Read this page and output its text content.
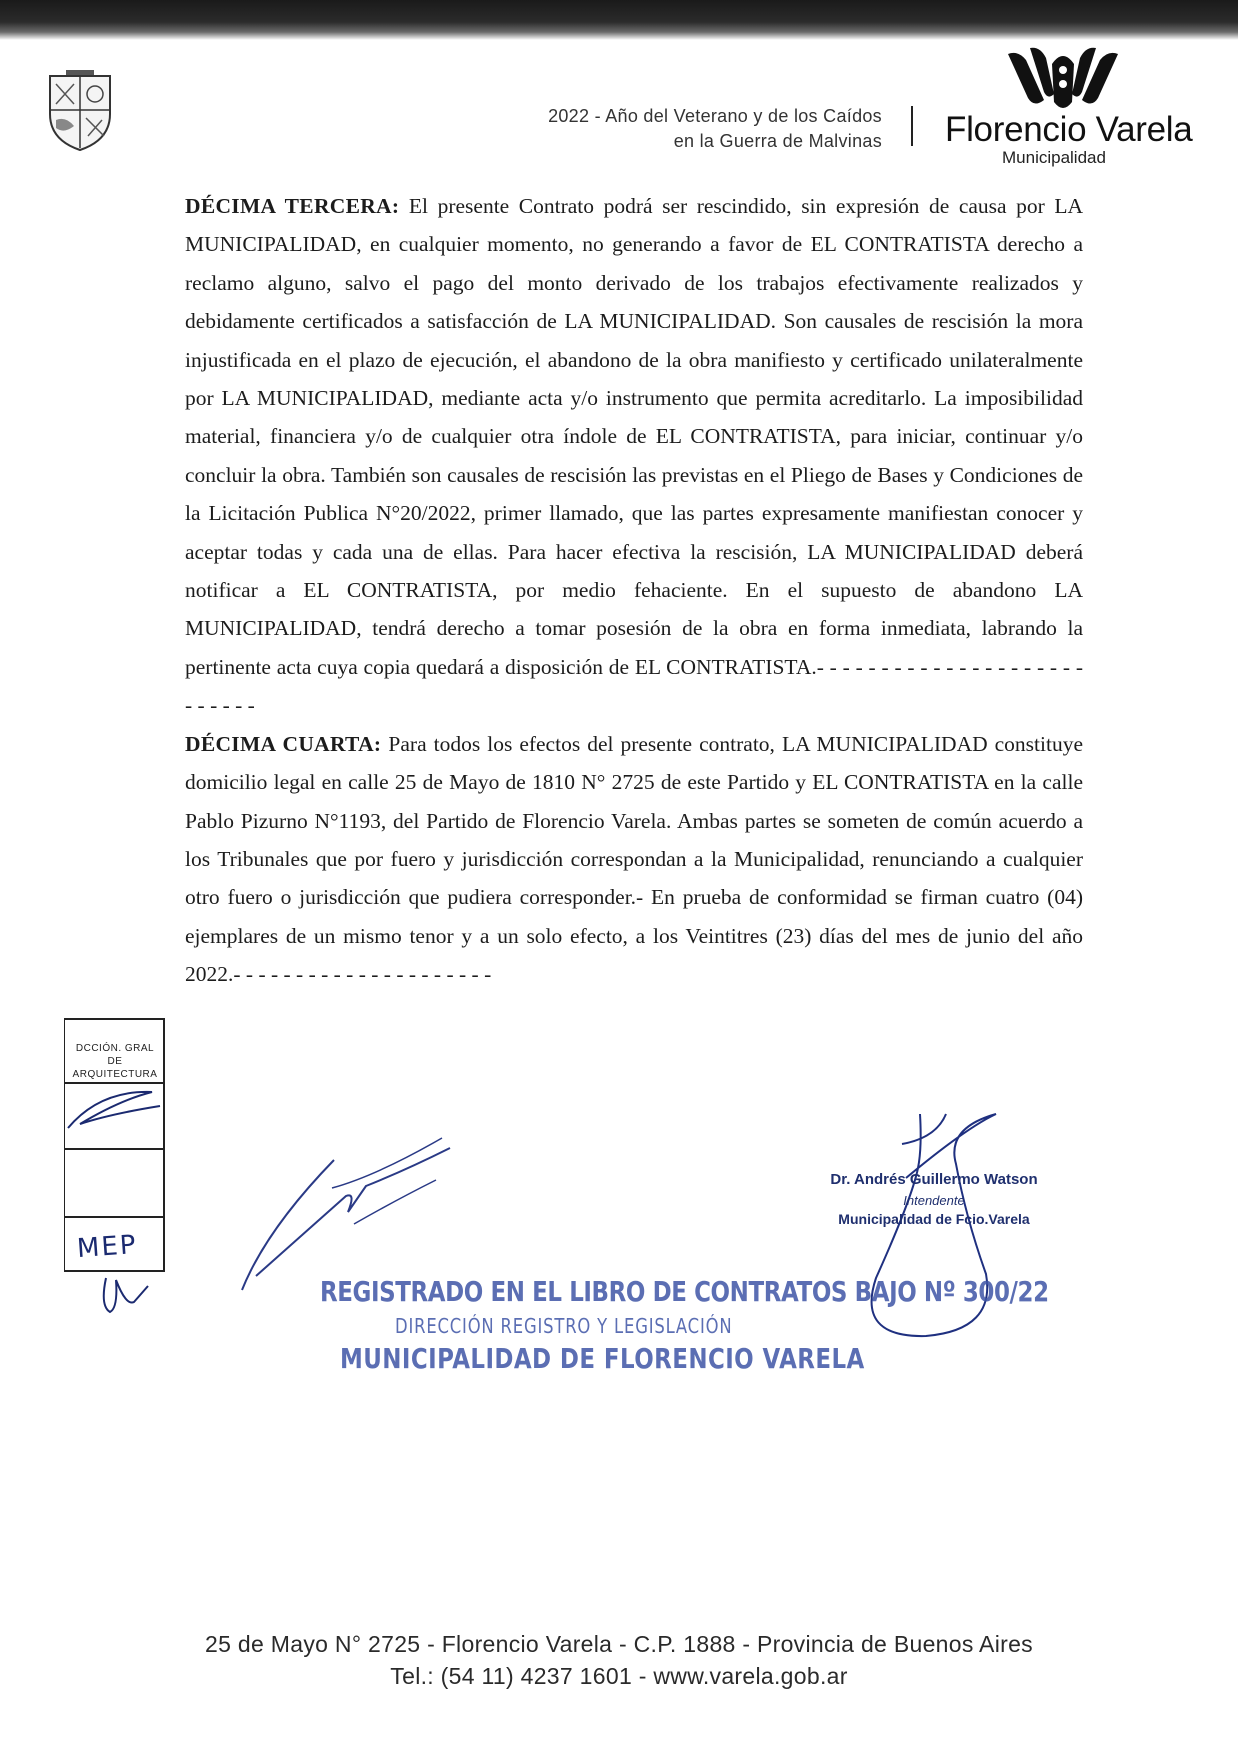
2022 - Año del Veterano y de los Caídos
en la Guerra de Malvinas Florencio Varela
Municipalidad

DÉCIMA TERCERA: El presente Contrato podrá ser rescindido, sin expresión de causa por LA MUNICIPALIDAD, en cualquier momento, no generando a favor de EL CONTRATISTA derecho a reclamo alguno, salvo el pago del monto derivado de los trabajos efectivamente realizados y debidamente certificados a satisfacción de LA MUNICIPALIDAD. Son causales de rescisión la mora injustificada en el plazo de ejecución, el abandono de la obra manifiesto y certificado unilateralmente por LA MUNICIPALIDAD, mediante acta y/o instrumento que permita acreditarlo. La imposibilidad material, financiera y/o de cualquier otra índole de EL CONTRATISTA, para iniciar, continuar y/o concluir la obra. También son causales de rescisión las previstas en el Pliego de Bases y Condiciones de la Licitación Publica N°20/2022, primer llamado, que las partes expresamente manifiestan conocer y aceptar todas y cada una de ellas. Para hacer efectiva la rescisión, LA MUNICIPALIDAD deberá notificar a EL CONTRATISTA, por medio fehaciente. En el supuesto de abandono LA MUNICIPALIDAD, tendrá derecho a tomar posesión de la obra en forma inmediata, labrando la pertinente acta cuya copia quedará a disposición de EL CONTRATISTA.- - - - - - - - - - - - - - - - - - - - - - - - - - -

DÉCIMA CUARTA: Para todos los efectos del presente contrato, LA MUNICIPALIDAD constituye domicilio legal en calle 25 de Mayo de 1810 N° 2725 de este Partido y EL CONTRATISTA en la calle Pablo Pizurno N°1193, del Partido de Florencio Varela. Ambas partes se someten de común acuerdo a los Tribunales que por fuero y jurisdicción correspondan a la Municipalidad, renunciando a cualquier otro fuero o jurisdicción que pudiera corresponder.- En prueba de conformidad se firman cuatro (04) ejemplares de un mismo tenor y a un solo efecto, a los Veintitres (23) días del mes de junio del año 2022.- - - - - - - - - - - - - - - - - - - - -

DCCIÓN. GRAL DE ARQUITECTURA
MEP
Dr. Andrés Guillermo Watson
Intendente
Municipalidad de Fcio.Varela
REGISTRADO EN EL LIBRO DE CONTRATOS BAJO Nº 300/22
DIRECCIÓN REGISTRO Y LEGISLACIÓN
MUNICIPALIDAD DE FLORENCIO VARELA
25 de Mayo N° 2725 - Florencio Varela - C.P. 1888 - Provincia de Buenos Aires
Tel.: (54 11) 4237 1601 - www.varela.gob.ar
